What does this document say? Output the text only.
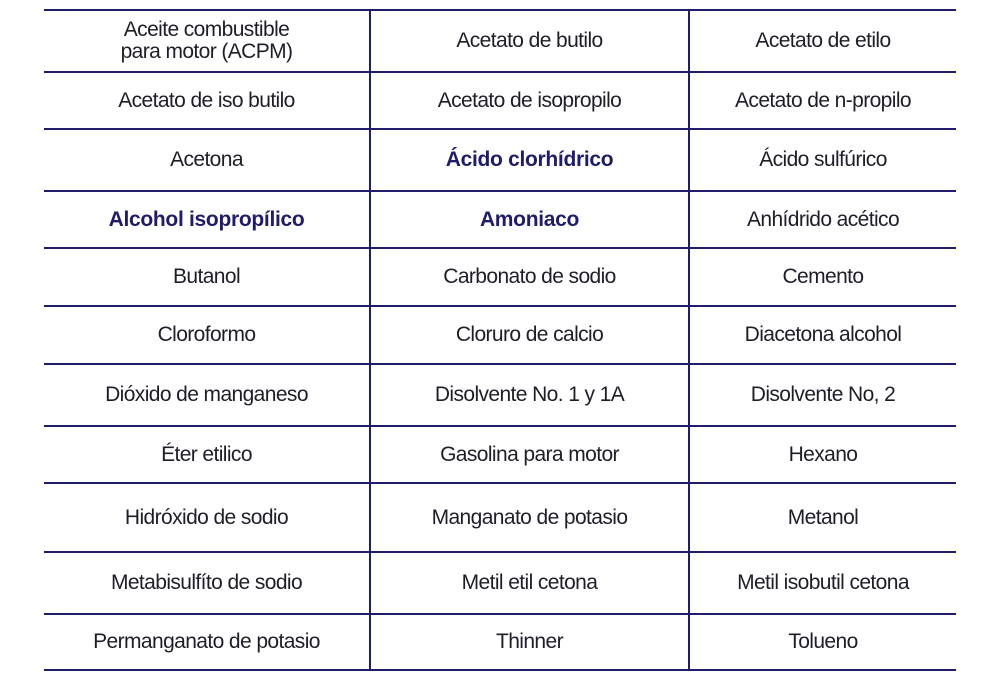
Aceite combustible
para motor (ACPM)	Acetato de butilo	Acetato de etilo
Acetato de iso butilo	Acetato de isopropilo	Acetato de n-propilo
Acetona	Ácido clorhídrico	Ácido sulfúrico
Alcohol isopropílico	Amoniaco	Anhídrido acético
Butanol	Carbonato de sodio	Cemento
Cloroformo	Cloruro de calcio	Diacetona alcohol
Dióxido de manganeso	Disolvente No. 1 y 1A	Disolvente No, 2
Éter etilico	Gasolina para motor	Hexano
Hidróxido de sodio	Manganato de potasio	Metanol
Metabisulfíto de sodio	Metil etil cetona	Metil isobutil cetona
Permanganato de potasio	Thinner	Tolueno
